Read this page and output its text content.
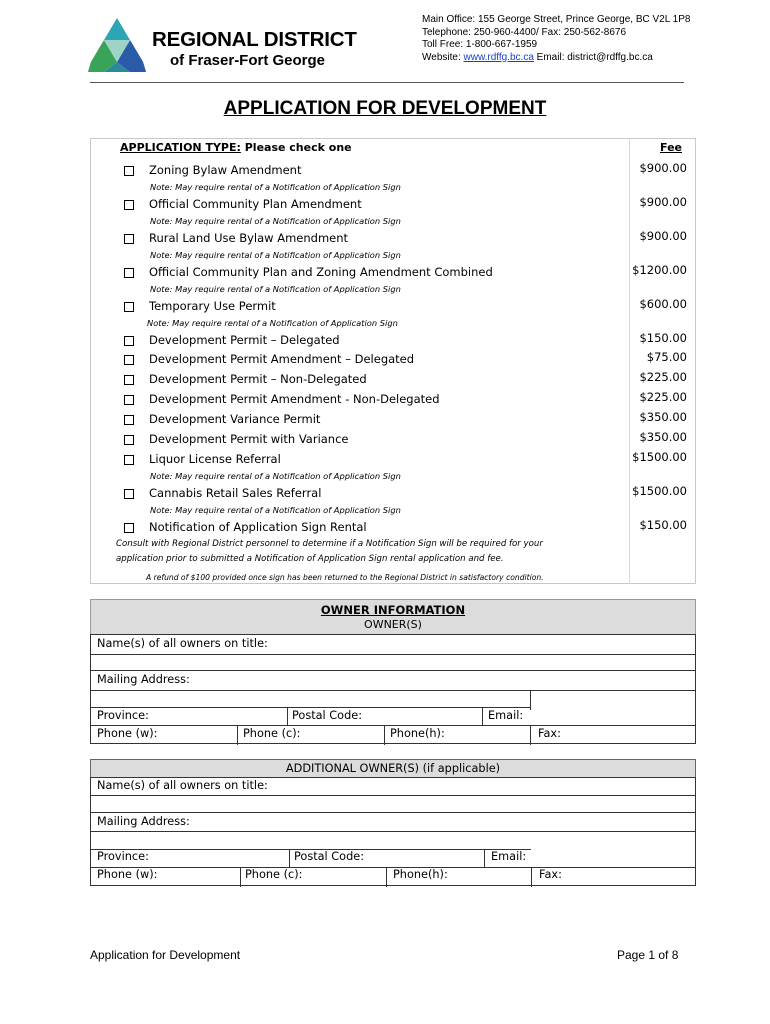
REGIONAL DISTRICT
of Fraser-Fort George
Main Office: 155 George Street, Prince George, BC V2L 1P8
Telephone: 250-960-4400/ Fax: 250-562-8676
Toll Free: 1-800-667-1959
Website: www.rdffg.bc.ca Email: district@rdffg.bc.ca
APPLICATION FOR DEVELOPMENT
APPLICATION TYPE: Please check one	Fee
Zoning Bylaw Amendment	$900.00
Note: May require rental of a Notification of Application Sign
Official Community Plan Amendment	$900.00
Note: May require rental of a Notification of Application Sign
Rural Land Use Bylaw Amendment	$900.00
Note: May require rental of a Notification of Application Sign
Official Community Plan and Zoning Amendment Combined	$1200.00
Note: May require rental of a Notification of Application Sign
Temporary Use Permit	$600.00
Note: May require rental of a Notification of Application Sign
Development Permit – Delegated	$150.00
Development Permit Amendment – Delegated	$75.00
Development Permit – Non-Delegated	$225.00
Development Permit Amendment - Non-Delegated	$225.00
Development Variance Permit	$350.00
Development Permit with Variance	$350.00
Liquor License Referral	$1500.00
Note: May require rental of a Notification of Application Sign
Cannabis Retail Sales Referral	$1500.00
Note: May require rental of a Notification of Application Sign
Notification of Application Sign Rental	$150.00
Consult with Regional District personnel to determine if a Notification Sign will be required for your
application prior to submitted a Notification of Application Sign rental application and fee.
A refund of $100 provided once sign has been returned to the Regional District in satisfactory condition.
OWNER INFORMATION
OWNER(S)
Name(s) of all owners on title:
Mailing Address:
Province:	Postal Code:	Email:
Phone (w):	Phone (c):	Phone(h):	Fax:
ADDITIONAL OWNER(S) (if applicable)
Name(s) of all owners on title:
Mailing Address:
Province:	Postal Code:	Email:
Phone (w):	Phone (c):	Phone(h):	Fax:
Application for Development	Page 1 of 8
